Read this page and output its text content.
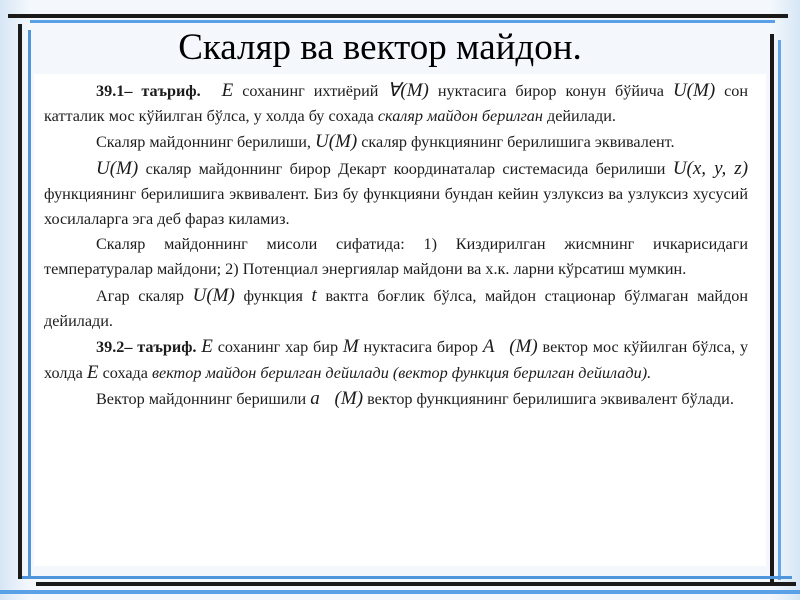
Скаляр ва вектор майдон.

39.1– таъриф. E соханинг ихтиёрий ∀(M) нуктасига бирор конун бўйича U(M) сон катталик мос кўйилган бўлса, у холда бу сохада скаляр майдон берилган дейилади.

Скаляр майдоннинг берилиши, U(M) скаляр функциянинг берилишига эквивалент.

U(M) скаляр майдоннинг бирор Декарт координаталар системасида берилиши U(x, y, z) функциянинг берилишига эквивалент. Биз бу функцияни бундан кейин узлуксиз ва узлуксиз хусусий хосилаларга эга деб фараз киламиз.

Скаляр майдоннинг мисоли сифатида: 1) Киздирилган жисмнинг ичкарисидаги температуралар майдони; 2) Потенциал энергиялар майдони ва х.к. ларни кўрсатиш мумкин.

Агар скаляр U(M) функция t вактга боғлик бўлса, майдон стационар бўлмаган майдон дейилади.

39.2– таъриф. E соханинг хар бир M нуктасига бирор A⃗(M) вектор мос кўйилган бўлса, у холда E сохада вектор майдон берилган дейилади (вектор функция берилган дейилади).

Вектор майдоннинг беришили a⃗(M) вектор функциянинг берилишига эквивалент бўлади.
